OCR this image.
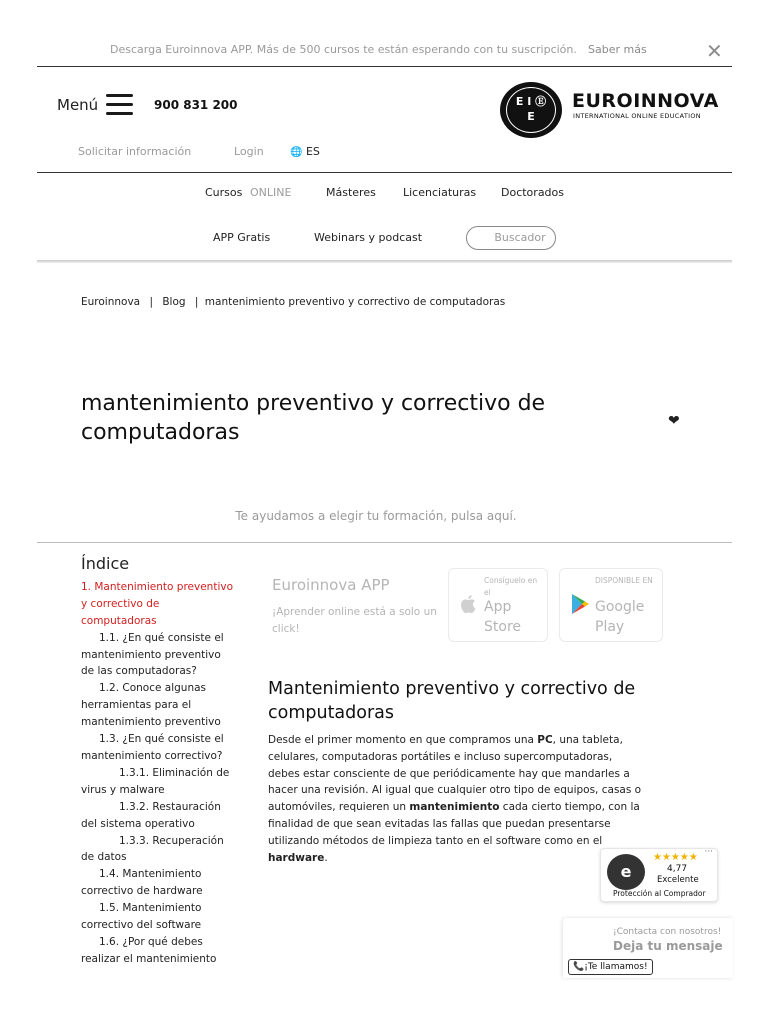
Descarga Euroinnova APP. Más de 500 cursos te están esperando con tu suscripción. Saber más	✕
Menú	900 831 200	E I Ⓔ E
EUROINNOVA
INTERNATIONAL ONLINE EDUCATION
Solicitar información	Login	🌐 ES
Cursos ONLINE	Másteres Licenciaturas Doctorados
APP Gratis	Webinars y podcast	Buscador
Euroinnova | Blog | mantenimiento preventivo y correctivo de computadoras
mantenimiento preventivo y correctivo de computadoras	❤
Te ayudamos a elegir tu formación, pulsa aquí.
Índice
1. Mantenimiento preventivo y correctivo de computadoras
1.1. ¿En qué consiste el mantenimiento preventivo de las computadoras?
1.2. Conoce algunas herramientas para el mantenimiento preventivo
1.3. ¿En qué consiste el mantenimiento correctivo?
1.3.1. Eliminación de virus y malware
1.3.2. Restauración del sistema operativo
1.3.3. Recuperación de datos
1.4. Mantenimiento correctivo de hardware
1.5. Mantenimiento correctivo del software
1.6. ¿Por qué debes realizar el mantenimiento
Euroinnova APP
¡Aprender online está a solo un click!
Consíguelo en el
App Store
DISPONIBLE EN
Google Play
Mantenimiento preventivo y correctivo de computadoras

Desde el primer momento en que compramos una PC, una tableta, celulares, computadoras portátiles e incluso supercomputadoras, debes estar consciente de que periódicamente hay que mandarles a hacer una revisión. Al igual que cualquier otro tipo de equipos, casas o automóviles, requieren un mantenimiento cada cierto tiempo, con la finalidad de que sean evitadas las fallas que puedan presentarse utilizando métodos de limpieza tanto en el software como en el hardware.

e
★★★★★
4,77
Excelente
Protección al Comprador
···
¡Contacta con nosotros!
Deja tu mensaje
📞¡Te llamamos!
